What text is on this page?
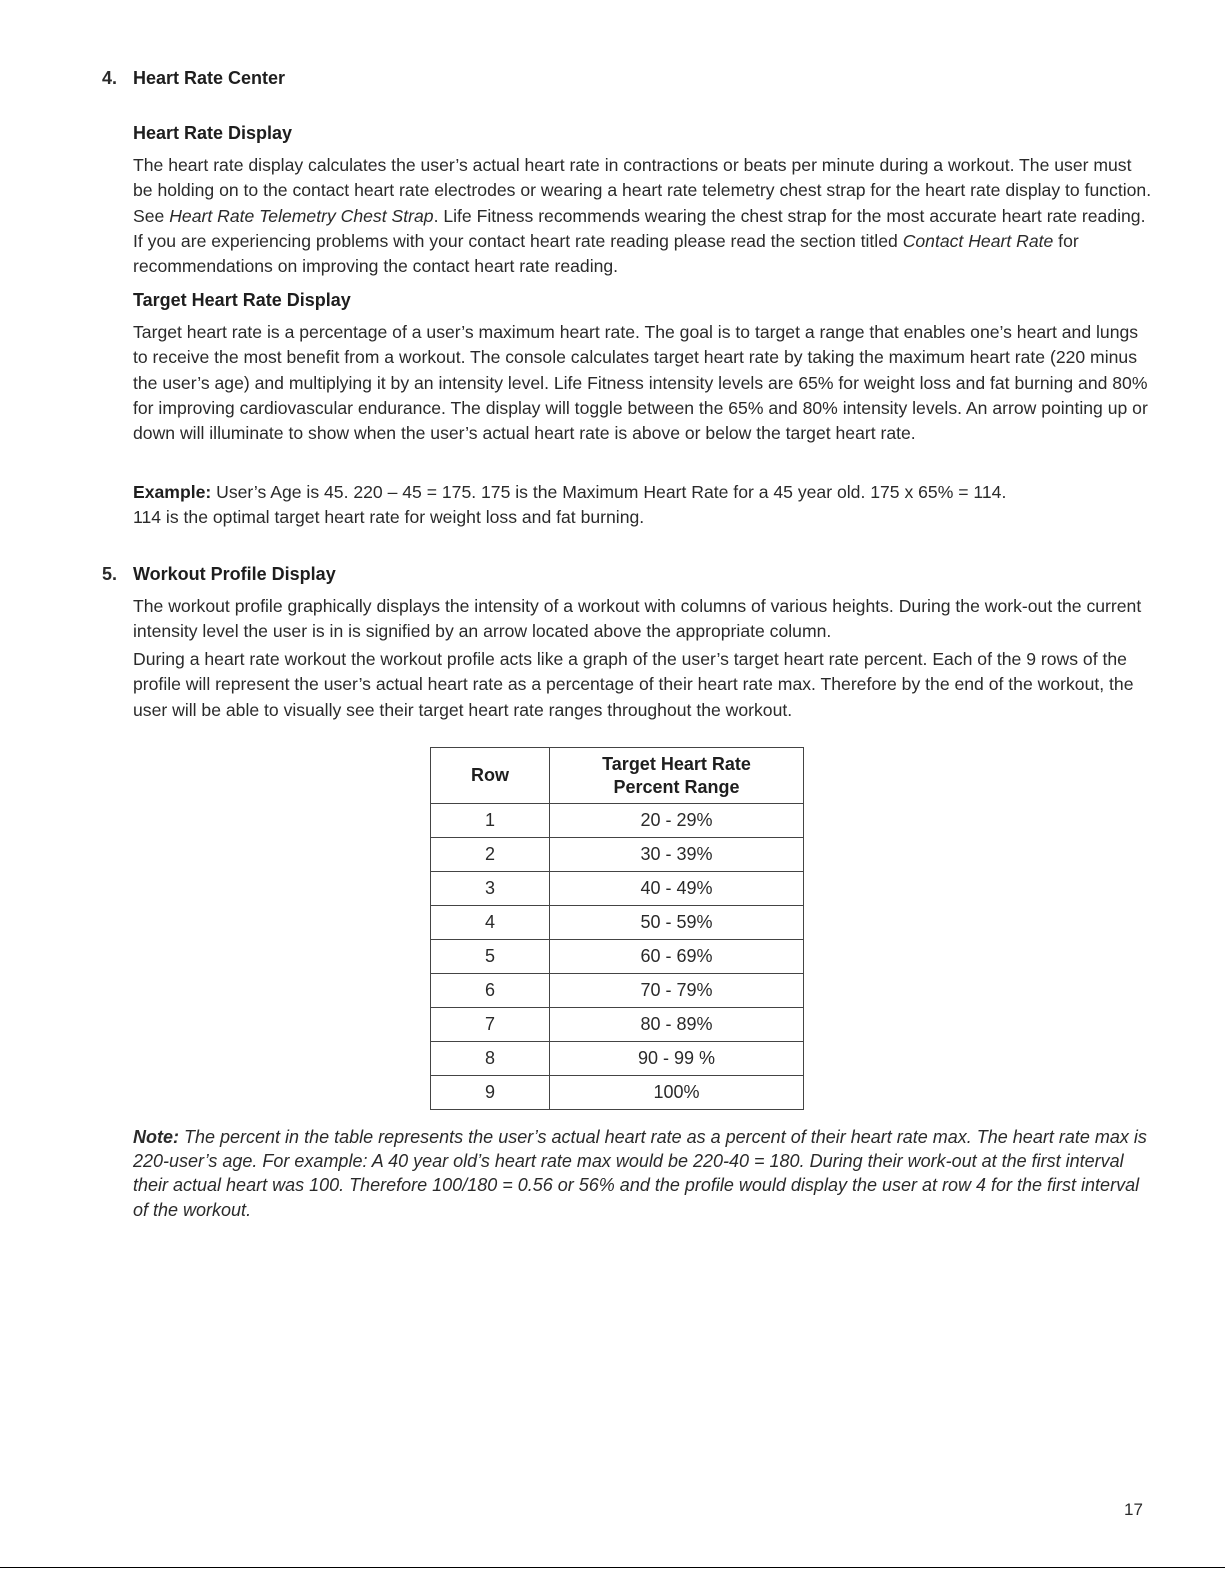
4. Heart Rate Center
Heart Rate Display
The heart rate display calculates the user’s actual heart rate in contractions or beats per minute during a workout. The user must be holding on to the contact heart rate electrodes or wearing a heart rate telemetry chest strap for the heart rate display to function. See Heart Rate Telemetry Chest Strap. Life Fitness recommends wearing the chest strap for the most accurate heart rate reading. If you are experiencing problems with your contact heart rate reading please read the section titled Contact Heart Rate for recommendations on improving the contact heart rate reading.
Target Heart Rate Display
Target heart rate is a percentage of a user’s maximum heart rate. The goal is to target a range that enables one’s heart and lungs to receive the most benefit from a workout. The console calculates target heart rate by taking the maximum heart rate (220 minus the user’s age) and multiplying it by an intensity level. Life Fitness intensity levels are 65% for weight loss and fat burning and 80% for improving cardiovascular endurance. The display will toggle between the 65% and 80% intensity levels. An arrow pointing up or down will illuminate to show when the user’s actual heart rate is above or below the target heart rate.
Example: User’s Age is 45. 220 – 45 = 175. 175 is the Maximum Heart Rate for a 45 year old. 175 x 65% = 114.
114 is the optimal target heart rate for weight loss and fat burning.
5. Workout Profile Display
The workout profile graphically displays the intensity of a workout with columns of various heights. During the work-out the current intensity level the user is in is signified by an arrow located above the appropriate column.
During a heart rate workout the workout profile acts like a graph of the user’s target heart rate percent. Each of the 9 rows of the profile will represent the user’s actual heart rate as a percentage of their heart rate max. Therefore by the end of the workout, the user will be able to visually see their target heart rate ranges throughout the workout.
Row	Target Heart Rate
Percent Range
1	20 - 29%
2	30 - 39%
3	40 - 49%
4	50 - 59%
5	60 - 69%
6	70 - 79%
7	80 - 89%
8	90 - 99 %
9	100%
Note: The percent in the table represents the user’s actual heart rate as a percent of their heart rate max. The heart rate max is 220-user’s age. For example: A 40 year old’s heart rate max would be 220-40 = 180. During their work-out at the first interval their actual heart was 100. Therefore 100/180 = 0.56 or 56% and the profile would display the user at row 4 for the first interval of the workout.
17
